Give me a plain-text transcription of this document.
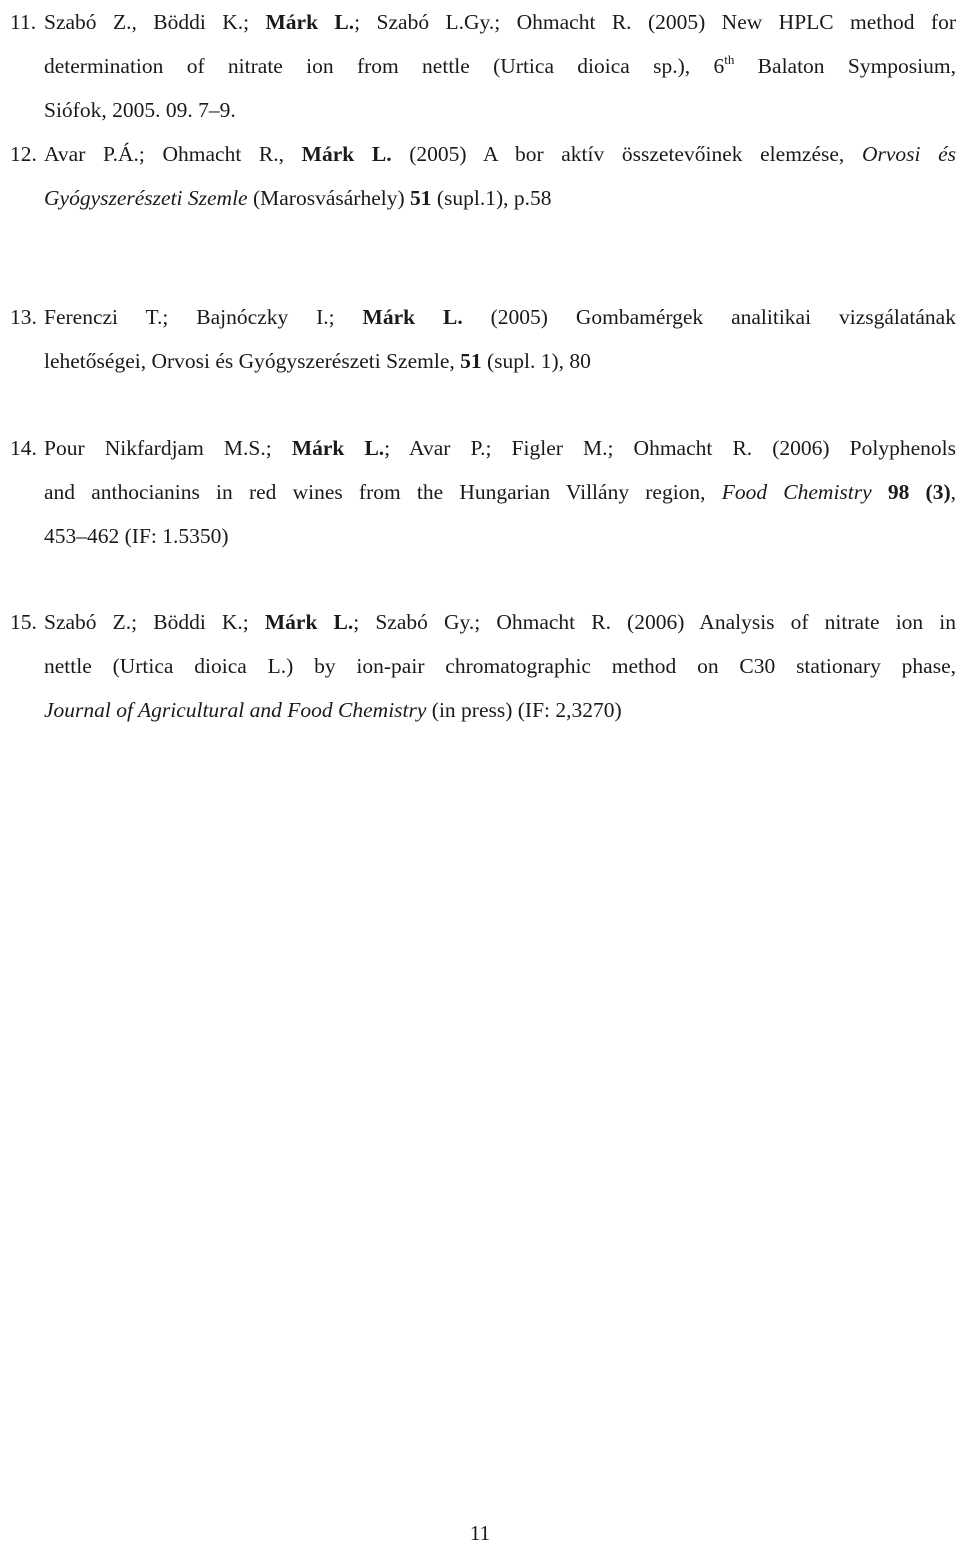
11. Szabó Z., Böddi K.; Márk L.; Szabó L.Gy.; Ohmacht R. (2005) New HPLC method for
determination of nitrate ion from nettle (Urtica dioica sp.), 6th Balaton Symposium,
Siófok, 2005. 09. 7–9.
12. Avar P.Á.; Ohmacht R., Márk L. (2005) A bor aktív összetevőinek elemzése, Orvosi és
Gyógyszerészeti Szemle (Marosvásárhely) 51 (supl.1), p.58
13. Ferenczi T.; Bajnóczky I.; Márk L. (2005) Gombamérgek analitikai vizsgálatának
lehetőségei, Orvosi és Gyógyszerészeti Szemle, 51 (supl. 1), 80
14. Pour Nikfardjam M.S.; Márk L.; Avar P.; Figler M.; Ohmacht R. (2006) Polyphenols
and anthocianins in red wines from the Hungarian Villány region, Food Chemistry 98 (3),
453–462 (IF: 1.5350)
15. Szabó Z.; Böddi K.; Márk L.; Szabó Gy.; Ohmacht R. (2006) Analysis of nitrate ion in
nettle (Urtica dioica L.) by ion-pair chromatographic method on C30 stationary phase,
Journal of Agricultural and Food Chemistry (in press) (IF: 2,3270)
11
